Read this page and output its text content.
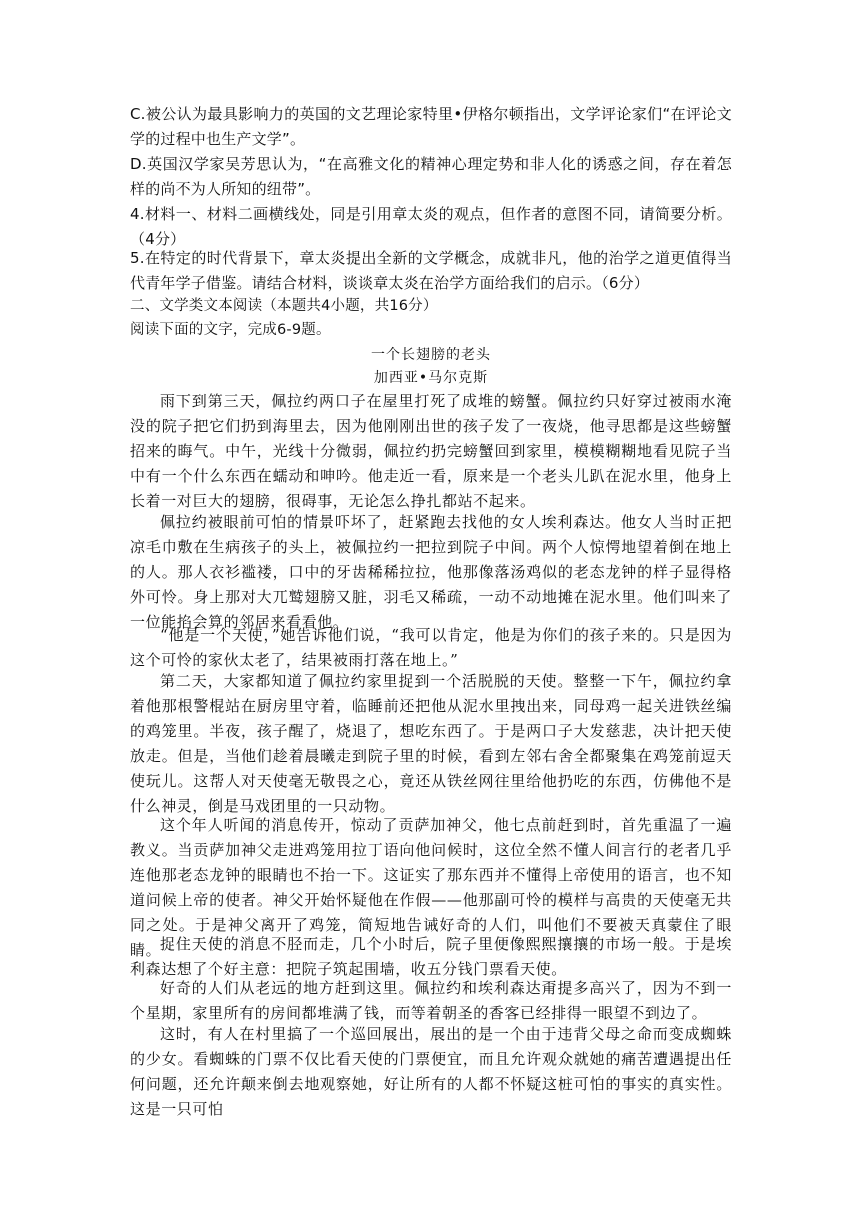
C.被公认为最具影响力的英国的文艺理论家特里•伊格尔顿指出，文学评论家们“在评论文学的过程中也生产文学”。

D.英国汉学家吴芳思认为，“在高雅文化的精神心理定势和非人化的诱惑之间，存在着怎样的尚不为人所知的纽带”。

4.材料一、材料二画横线处，同是引用章太炎的观点，但作者的意图不同，请简要分析。（4分）

5.在特定的时代背景下，章太炎提出全新的文学概念，成就非凡，他的治学之道更值得当代青年学子借鉴。请结合材料，谈谈章太炎在治学方面给我们的启示。（6分）

二、文学类文本阅读（本题共4小题，共16分）

阅读下面的文字，完成6-9题。

一个长翅膀的老头

加西亚•马尔克斯

雨下到第三天，佩拉约两口子在屋里打死了成堆的螃蟹。佩拉约只好穿过被雨水淹没的院子把它们扔到海里去，因为他刚刚出世的孩子发了一夜烧，他寻思都是这些螃蟹招来的晦气。中午，光线十分微弱，佩拉约扔完螃蟹回到家里，模模糊糊地看见院子当中有一个什么东西在蠕动和呻吟。他走近一看，原来是一个老头儿趴在泥水里，他身上长着一对巨大的翅膀，很碍事，无论怎么挣扎都站不起来。

佩拉约被眼前可怕的情景吓坏了，赶紧跑去找他的女人埃利森达。他女人当时正把凉毛巾敷在生病孩子的头上，被佩拉约一把拉到院子中间。两个人惊愕地望着倒在地上的人。那人衣衫褴褛，口中的牙齿稀稀拉拉，他那像落汤鸡似的老态龙钟的样子显得格外可怜。身上那对大兀鹫翅膀又脏，羽毛又稀疏，一动不动地摊在泥水里。他们叫来了一位能掐会算的邻居来看看他。

“他是一个天使，”她告诉他们说，“我可以肯定，他是为你们的孩子来的。只是因为这个可怜的家伙太老了，结果被雨打落在地上。”

第二天，大家都知道了佩拉约家里捉到一个活脱脱的天使。整整一下午，佩拉约拿着他那根警棍站在厨房里守着，临睡前还把他从泥水里拽出来，同母鸡一起关进铁丝编的鸡笼里。半夜，孩子醒了，烧退了，想吃东西了。于是两口子大发慈悲，决计把天使放走。但是，当他们趁着晨曦走到院子里的时候，看到左邻右舍全都聚集在鸡笼前逗天使玩儿。这帮人对天使毫无敬畏之心，竟还从铁丝网往里给他扔吃的东西，仿佛他不是什么神灵，倒是马戏团里的一只动物。

这个年人听闻的消息传开，惊动了贡萨加神父，他七点前赶到时，首先重温了一遍教义。当贡萨加神父走进鸡笼用拉丁语向他问候时，这位全然不懂人间言行的老者几乎连他那老态龙钟的眼睛也不抬一下。这证实了那东西并不懂得上帝使用的语言，也不知道问候上帝的使者。神父开始怀疑他在作假——他那副可怜的模样与高贵的天使毫无共同之处。于是神父离开了鸡笼，简短地告诫好奇的人们，叫他们不要被天真蒙住了眼睛。

捉住天使的消息不胫而走，几个小时后，院子里便像熙熙攘攘的市场一般。于是埃利森达想了个好主意：把院子筑起围墙，收五分钱门票看天使。

好奇的人们从老远的地方赶到这里。佩拉约和埃利森达甭提多高兴了，因为不到一个星期，家里所有的房间都堆满了钱，而等着朝圣的香客已经排得一眼望不到边了。

这时，有人在村里搞了一个巡回展出，展出的是一个由于违背父母之命而变成蜘蛛的少女。看蜘蛛的门票不仅比看天使的门票便宜，而且允许观众就她的痛苦遭遇提出任何问题，还允许颠来倒去地观察她，好让所有的人都不怀疑这桩可怕的事实的真实性。这是一只可怕
